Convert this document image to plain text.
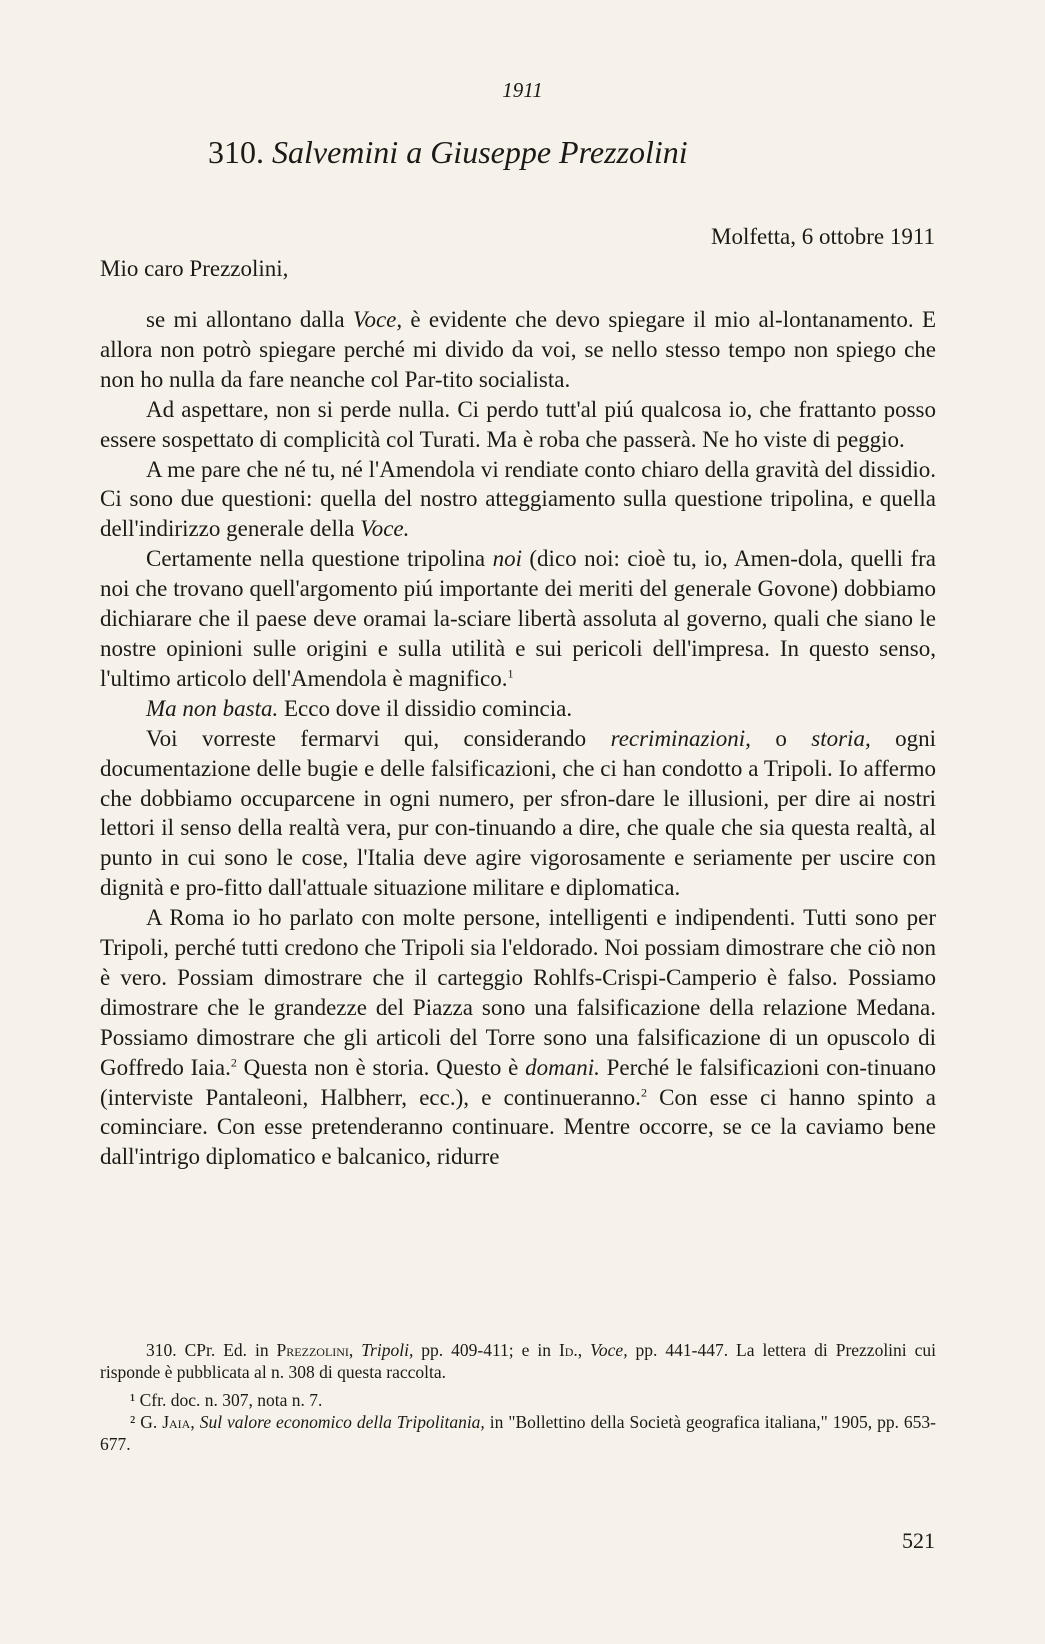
1911
310. Salvemini a Giuseppe Prezzolini
Molfetta, 6 ottobre 1911
Mio caro Prezzolini,

se mi allontano dalla Voce, è evidente che devo spiegare il mio al-lontanamento. E allora non potrò spiegare perché mi divido da voi, se nello stesso tempo non spiego che non ho nulla da fare neanche col Par-tito socialista.

Ad aspettare, non si perde nulla. Ci perdo tutt'al piú qualcosa io, che frattanto posso essere sospettato di complicità col Turati. Ma è roba che passerà. Ne ho viste di peggio.

A me pare che né tu, né l'Amendola vi rendiate conto chiaro della gravità del dissidio. Ci sono due questioni: quella del nostro atteggiamento sulla questione tripolina, e quella dell'indirizzo generale della Voce.

Certamente nella questione tripolina noi (dico noi: cioè tu, io, Amen-dola, quelli fra noi che trovano quell'argomento piú importante dei meriti del generale Govone) dobbiamo dichiarare che il paese deve oramai la-sciare libertà assoluta al governo, quali che siano le nostre opinioni sulle origini e sulla utilità e sui pericoli dell'impresa. In questo senso, l'ultimo articolo dell'Amendola è magnifico.$^1$

Ma non basta. Ecco dove il dissidio comincia.

Voi vorreste fermarvi qui, considerando recriminazioni, o storia, ogni documentazione delle bugie e delle falsificazioni, che ci han condotto a Tripoli. Io affermo che dobbiamo occuparcene in ogni numero, per sfron-dare le illusioni, per dire ai nostri lettori il senso della realtà vera, pur con-tinuando a dire, che quale che sia questa realtà, al punto in cui sono le cose, l'Italia deve agire vigorosamente e seriamente per uscire con dignità e pro-fitto dall'attuale situazione militare e diplomatica.

A Roma io ho parlato con molte persone, intelligenti e indipendenti. Tutti sono per Tripoli, perché tutti credono che Tripoli sia l'eldorado. Noi possiam dimostrare che ciò non è vero. Possiam dimostrare che il carteggio Rohlfs-Crispi-Camperio è falso. Possiamo dimostrare che le grandezze del Piazza sono una falsificazione della relazione Medana. Possiamo dimostrare che gli articoli del Torre sono una falsificazione di un opuscolo di Goffredo Iaia.$^2$ Questa non è storia. Questo è domani. Perché le falsificazioni con-tinuano (interviste Pantaleoni, Halbherr, ecc.), e continueranno.$^2$ Con esse ci hanno spinto a cominciare. Con esse pretenderanno continuare. Mentre occorre, se ce la caviamo bene dall'intrigo diplomatico e balcanico, ridurre

310. CPr. Ed. in Prezzolini, Tripoli, pp. 409-411; e in Id., Voce, pp. 441-447. La lettera di Prezzolini cui risponde è pubblicata al n. 308 di questa raccolta.

¹ Cfr. doc. n. 307, nota n. 7.

² G. Jaia, Sul valore economico della Tripolitania, in "Bollettino della Società geografica italiana," 1905, pp. 653-677.

521
